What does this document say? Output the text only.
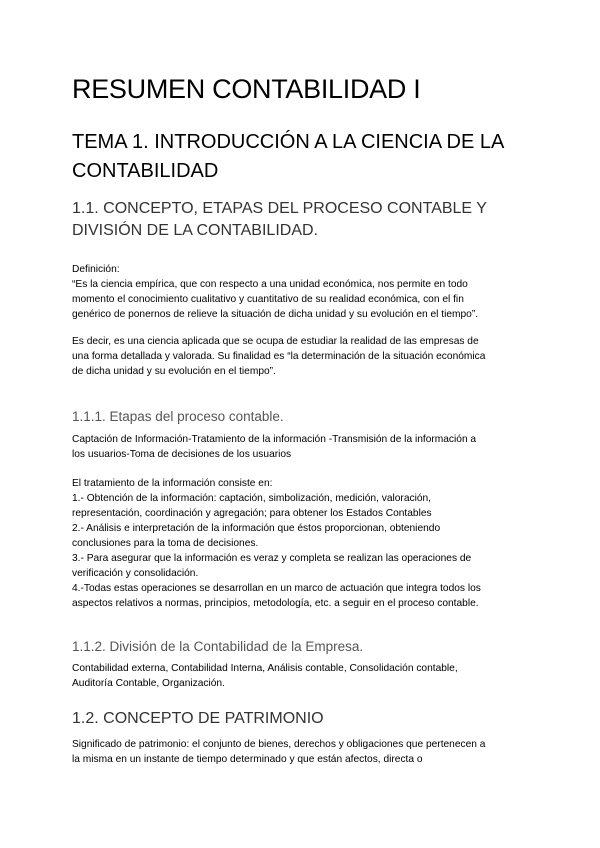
RESUMEN CONTABILIDAD I
TEMA 1. INTRODUCCIÓN A LA CIENCIA DE LA CONTABILIDAD
1.1. CONCEPTO, ETAPAS DEL PROCESO CONTABLE Y DIVISIÓN DE LA CONTABILIDAD.
Definición:
“Es la ciencia empírica, que con respecto a una unidad económica, nos permite en todo
momento el conocimiento cualitativo y cuantitativo de su realidad económica, con el fin
genérico de ponernos de relieve la situación de dicha unidad y su evolución en el tiempo”.
Es decir, es una ciencia aplicada que se ocupa de estudiar la realidad de las empresas de
una forma detallada y valorada. Su finalidad es “la determinación de la situación económica
de dicha unidad y su evolución en el tiempo”.
1.1.1. Etapas del proceso contable.
Captación de Información-Tratamiento de la información -Transmisión de la información a
los usuarios-Toma de decisiones de los usuarios
El tratamiento de la información consiste en:
1.- Obtención de la información: captación, simbolización, medición, valoración,
representación, coordinación y agregación; para obtener los Estados Contables
2.- Análisis e interpretación de la información que éstos proporcionan, obteniendo
conclusiones para la toma de decisiones.
3.- Para asegurar que la información es veraz y completa se realizan las operaciones de
verificación y consolidación.
4.-Todas estas operaciones se desarrollan en un marco de actuación que integra todos los
aspectos relativos a normas, principios, metodología, etc. a seguir en el proceso contable.
1.1.2. División de la Contabilidad de la Empresa.
Contabilidad externa, Contabilidad Interna, Análisis contable, Consolidación contable,
Auditoría Contable, Organización.
1.2. CONCEPTO DE PATRIMONIO
Significado de patrimonio: el conjunto de bienes, derechos y obligaciones que pertenecen a
la misma en un instante de tiempo determinado y que están afectos, directa o
